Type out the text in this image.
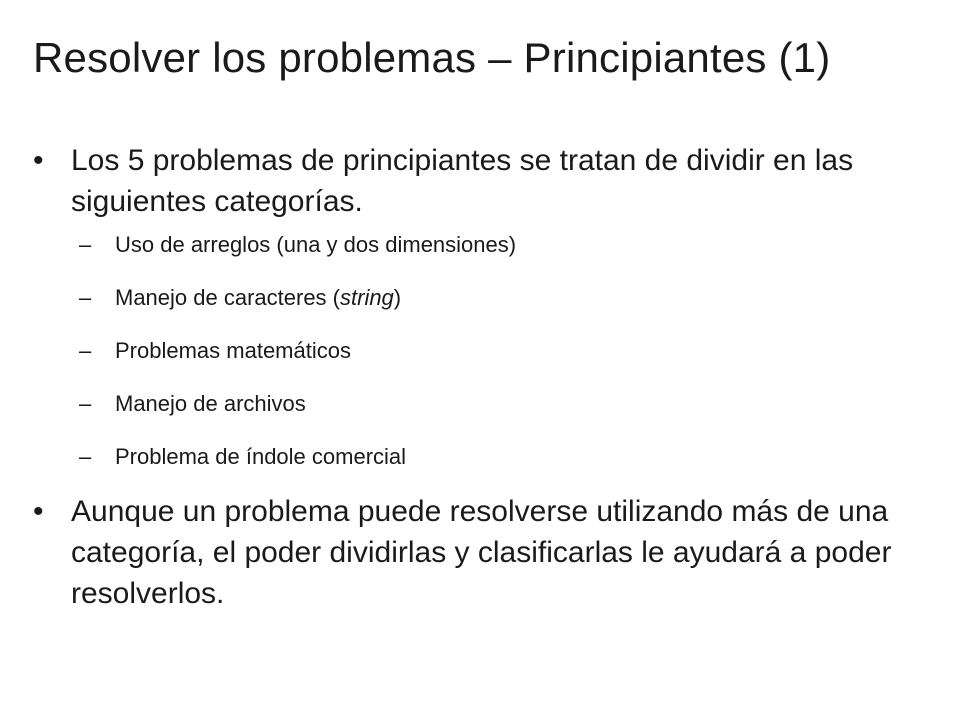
Resolver los problemas – Principiantes (1)
• Los 5 problemas de principiantes se tratan de dividir en las siguientes categorías.
– Uso de arreglos (una y dos dimensiones)
– Manejo de caracteres (string)
– Problemas matemáticos
– Manejo de archivos
– Problema de índole comercial
• Aunque un problema puede resolverse utilizando más de una categoría, el poder dividirlas y clasificarlas le ayudará a poder resolverlos.
